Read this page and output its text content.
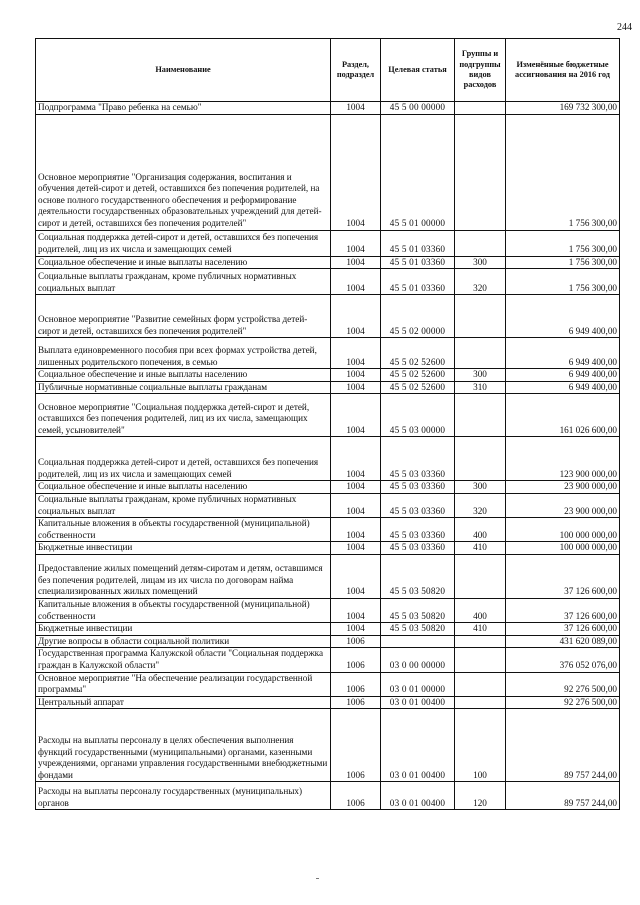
244
Наименование	Раздел, подраздел	Целевая статья	Группы и подгруппы видов расходов	Изменённые бюджетные ассигнования на 2016 год
Подпрограмма "Право ребенка на семью"	1004	45 5 00 00000		169 732 300,00
Основное мероприятие "Организация содержания, воспитания и обучения детей-сирот и детей, оставшихся без попечения родителей, на основе полного государственного обеспечения и реформирование деятельности государственных образовательных учреждений для детей-сирот и детей, оставшихся без попечения родителей"	1004	45 5 01 00000		1 756 300,00
Социальная поддержка детей-сирот и детей, оставшихся без попечения родителей, лиц из их числа и замещающих семей	1004	45 5 01 03360		1 756 300,00
Социальное обеспечение и иные выплаты населению	1004	45 5 01 03360	300	1 756 300,00
Социальные выплаты гражданам, кроме публичных нормативных социальных выплат	1004	45 5 01 03360	320	1 756 300,00
Основное мероприятие "Развитие семейных форм устройства детей-сирот и детей, оставшихся без попечения родителей"	1004	45 5 02 00000		6 949 400,00
Выплата единовременного пособия при всех формах устройства детей, лишенных родительского попечения, в семью	1004	45 5 02 52600		6 949 400,00
Социальное обеспечение и иные выплаты населению	1004	45 5 02 52600	300	6 949 400,00
Публичные нормативные социальные выплаты гражданам	1004	45 5 02 52600	310	6 949 400,00
Основное мероприятие "Социальная поддержка детей-сирот и детей, оставшихся без попечения родителей, лиц из их числа, замещающих семей, усыновителей"	1004	45 5 03 00000		161 026 600,00
Социальная поддержка детей-сирот и детей, оставшихся без попечения родителей, лиц из их числа и замещающих семей	1004	45 5 03 03360		123 900 000,00
Социальное обеспечение и иные выплаты населению	1004	45 5 03 03360	300	23 900 000,00
Социальные выплаты гражданам, кроме публичных нормативных социальных выплат	1004	45 5 03 03360	320	23 900 000,00
Капитальные вложения в объекты государственной (муниципальной) собственности	1004	45 5 03 03360	400	100 000 000,00
Бюджетные инвестиции	1004	45 5 03 03360	410	100 000 000,00
Предоставление жилых помещений детям-сиротам и детям, оставшимся без попечения родителей, лицам из их числа по договорам найма специализированных жилых помещений	1004	45 5 03 50820		37 126 600,00
Капитальные вложения в объекты государственной (муниципальной) собственности	1004	45 5 03 50820	400	37 126 600,00
Бюджетные инвестиции	1004	45 5 03 50820	410	37 126 600,00
Другие вопросы в области социальной политики	1006			431 620 089,00
Государственная программа Калужской области "Социальная поддержка граждан в Калужской области"	1006	03 0 00 00000		376 052 076,00
Основное мероприятие "На обеспечение реализации государственной программы"	1006	03 0 01 00000		92 276 500,00
Центральный аппарат	1006	03 0 01 00400		92 276 500,00
Расходы на выплаты персоналу в целях обеспечения выполнения функций государственными (муниципальными) органами, казенными учреждениями, органами управления государственными внебюджетными фондами	1006	03 0 01 00400	100	89 757 244,00
Расходы на выплаты персоналу государственных (муниципальных) органов	1006	03 0 01 00400	120	89 757 244,00
